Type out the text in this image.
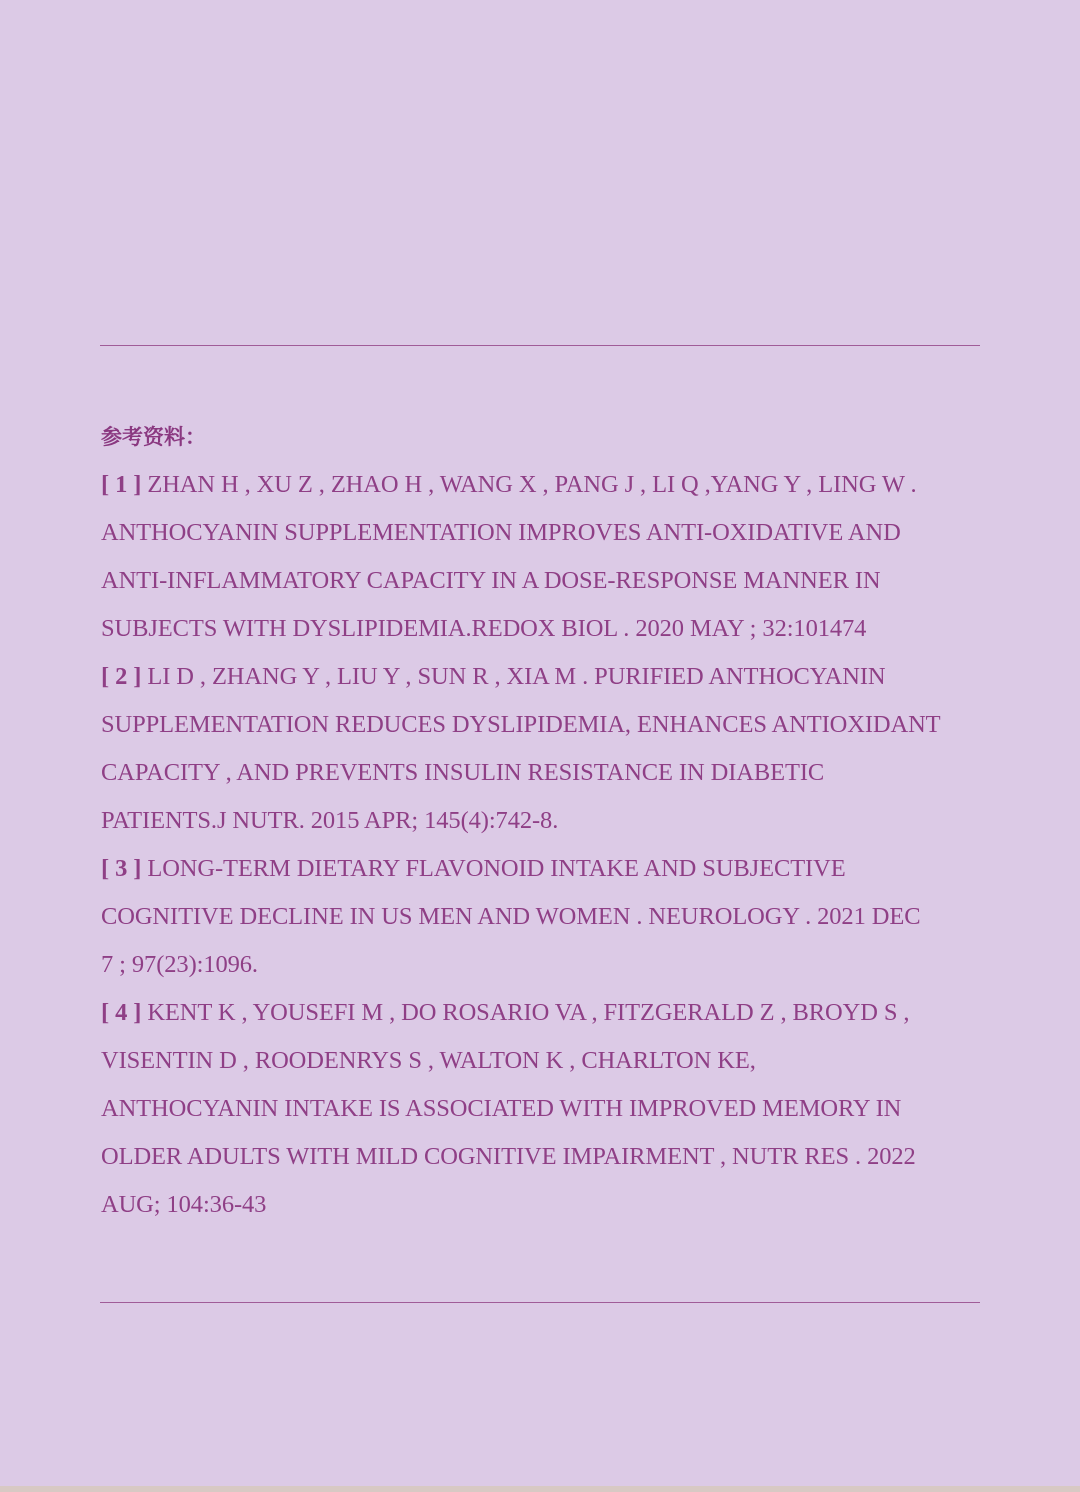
参考资料：
[ 1 ] ZHAN H , XU Z , ZHAO H , WANG X , PANG J , LI Q ,YANG Y , LING W .
ANTHOCYANIN SUPPLEMENTATION IMPROVES ANTI-OXIDATIVE AND
ANTI-INFLAMMATORY CAPACITY IN A DOSE-RESPONSE MANNER IN
SUBJECTS WITH DYSLIPIDEMIA.REDOX BIOL . 2020 MAY ; 32:101474
[ 2 ] LI D , ZHANG Y , LIU Y , SUN R , XIA M . PURIFIED ANTHOCYANIN
SUPPLEMENTATION REDUCES DYSLIPIDEMIA, ENHANCES ANTIOXIDANT
CAPACITY , AND PREVENTS INSULIN RESISTANCE IN DIABETIC
PATIENTS.J NUTR. 2015 APR; 145(4):742-8.
[ 3 ] LONG-TERM DIETARY FLAVONOID INTAKE AND SUBJECTIVE
COGNITIVE DECLINE IN US MEN AND WOMEN . NEUROLOGY . 2021 DEC
7 ; 97(23):1096.
[ 4 ] KENT K , YOUSEFI M , DO ROSARIO VA , FITZGERALD Z , BROYD S ,
VISENTIN D , ROODENRYS S , WALTON K , CHARLTON KE,
ANTHOCYANIN INTAKE IS ASSOCIATED WITH IMPROVED MEMORY IN
OLDER ADULTS WITH MILD COGNITIVE IMPAIRMENT , NUTR RES . 2022
AUG; 104:36-43
